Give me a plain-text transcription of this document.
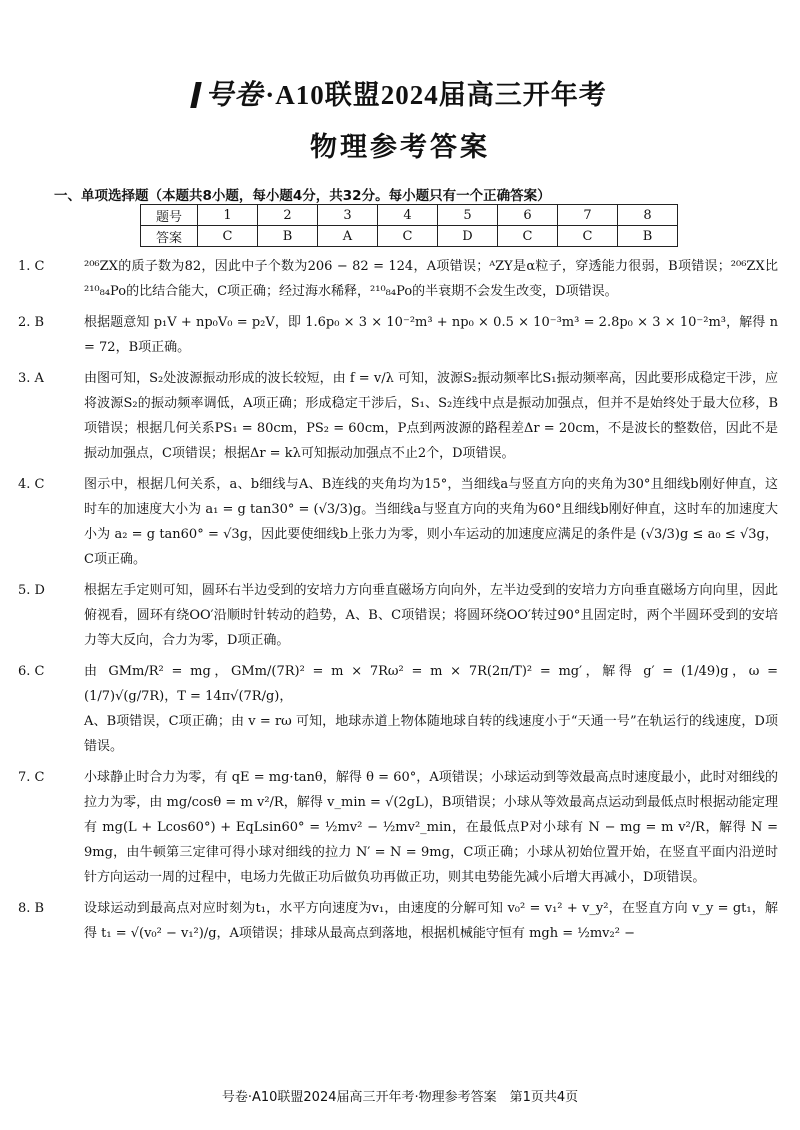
号卷·A10联盟2024届高三开年考
物理参考答案
一、单项选择题（本题共8小题，每小题4分，共32分。每小题只有一个正确答案）
题号	1	2	3	4	5	6	7	8
答案	C	B	A	C	D	C	C	B
1. C	²⁰⁶ZX的质子数为82，因此中子个数为206 − 82 = 124，A项错误；ᴬZY是α粒子，穿透能力很弱，B项错误；²⁰⁶ZX比²¹⁰₈₄Po的比结合能大，C项正确；经过海水稀释，²¹⁰₈₄Po的半衰期不会发生改变，D项错误。

2. B	根据题意知 p₁V + np₀V₀ = p₂V，即 1.6p₀ × 3 × 10⁻²m³ + np₀ × 0.5 × 10⁻³m³ = 2.8p₀ × 3 × 10⁻²m³，解得 n = 72，B项正确。

3. A	由图可知，S₂处波源振动形成的波长较短，由 f = v/λ 可知，波源S₂振动频率比S₁振动频率高，因此要形成稳定干涉，应将波源S₂的振动频率调低，A项正确；形成稳定干涉后，S₁、S₂连线中点是振动加强点，但并不是始终处于最大位移，B项错误；根据几何关系PS₁ = 80cm，PS₂ = 60cm，P点到两波源的路程差Δr = 20cm，不是波长的整数倍，因此不是振动加强点，C项错误；根据Δr = kλ可知振动加强点不止2个，D项错误。

4. C	图示中，根据几何关系，a、b细线与A、B连线的夹角均为15°，当细线a与竖直方向的夹角为30°且细线b刚好伸直，这时车的加速度大小为 a₁ = g tan30° = (√3/3)g。当细线a与竖直方向的夹角为60°且细线b刚好伸直，这时车的加速度大小为 a₂ = g tan60° = √3g，因此要使细线b上张力为零，则小车运动的加速度应满足的条件是 (√3/3)g ≤ a₀ ≤ √3g，C项正确。

5. D	根据左手定则可知，圆环右半边受到的安培力方向垂直磁场方向向外，左半边受到的安培力方向垂直磁场方向向里，因此俯视看，圆环有绕OO′沿顺时针转动的趋势，A、B、C项错误；将圆环绕OO′转过90°且固定时，两个半圆环受到的安培力等大反向，合力为零，D项正确。

6. C	由 GMm/R² = mg，GMm/(7R)² = m × 7Rω² = m × 7R(2π/T)² = mg′，解得 g′ = (1/49)g，ω = (1/7)√(g/7R)，T = 14π√(7R/g)，

A、B项错误，C项正确；由 v = rω 可知，地球赤道上物体随地球自转的线速度小于“天通一号”在轨运行的线速度，D项错误。

7. C	小球静止时合力为零，有 qE = mg·tanθ，解得 θ = 60°，A项错误；小球运动到等效最高点时速度最小，此时对细线的拉力为零，由 mg/cosθ = m v²/R，解得 v_min = √(2gL)，B项错误；小球从等效最高点运动到最低点时根据动能定理有 mg(L + Lcos60°) + EqLsin60° = ½mv² − ½mv²_min，在最低点P对小球有 N − mg = m v²/R，解得 N = 9mg，由牛顿第三定律可得小球对细线的拉力 N′ = N = 9mg，C项正确；小球从初始位置开始，在竖直平面内沿逆时针方向运动一周的过程中，电场力先做正功后做负功再做正功，则其电势能先减小后增大再减小，D项错误。

8. B	设球运动到最高点对应时刻为t₁，水平方向速度为v₁，由速度的分解可知 v₀² = v₁² + v_y²，在竖直方向 v_y = gt₁，解得 t₁ = √(v₀² − v₁²)/g，A项错误；排球从最高点到落地，根据机械能守恒有 mgh = ½mv₂² −

号卷·A10联盟2024届高三开年考·物理参考答案　第1页共4页
